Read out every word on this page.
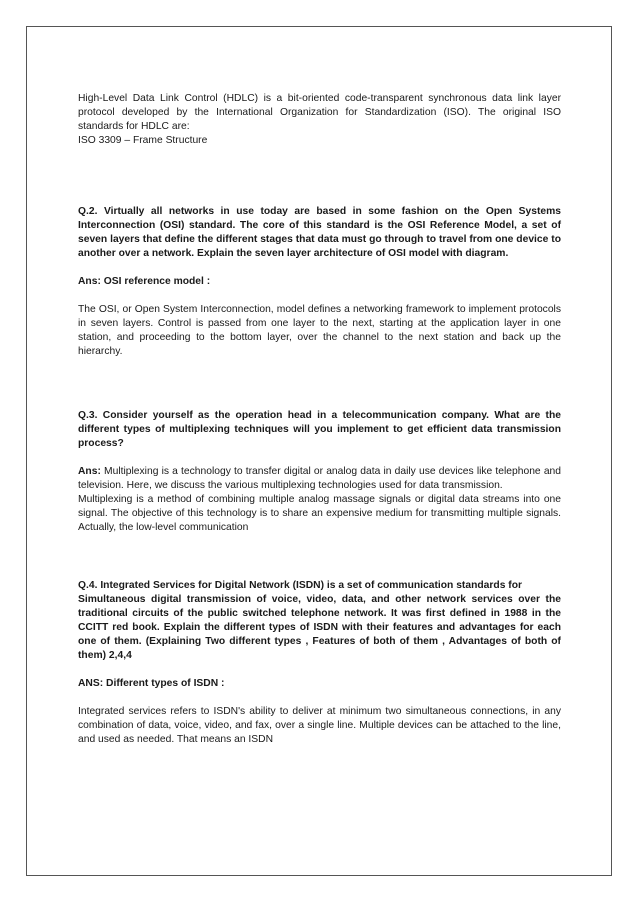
High-Level Data Link Control (HDLC) is a bit-oriented code-transparent synchronous data link layer protocol developed by the International Organization for Standardization (ISO). The original ISO standards for HDLC are:
ISO 3309 – Frame Structure

Q.2. Virtually all networks in use today are based in some fashion on the Open Systems Interconnection (OSI) standard. The core of this standard is the OSI Reference Model, a set of seven layers that define the different stages that data must go through to travel from one device to another over a network. Explain the seven layer architecture of OSI model with diagram.

Ans: OSI reference model :

The OSI, or Open System Interconnection, model defines a networking framework to implement protocols in seven layers. Control is passed from one layer to the next, starting at the application layer in one station, and proceeding to the bottom layer, over the channel to the next station and back up the hierarchy.

Q.3. Consider yourself as the operation head in a telecommunication company. What are the different types of multiplexing techniques will you implement to get efficient data transmission process?

Ans: Multiplexing is a technology to transfer digital or analog data in daily use devices like telephone and television. Here, we discuss the various multiplexing technologies used for data transmission.

Multiplexing is a method of combining multiple analog massage signals or digital data streams into one signal. The objective of this technology is to share an expensive medium for transmitting multiple signals. Actually, the low-level communication

Q.4. Integrated Services for Digital Network (ISDN) is a set of communication standards for
Simultaneous digital transmission of voice, video, data, and other network services over the traditional circuits of the public switched telephone network. It was first defined in 1988 in the CCITT red book. Explain the different types of ISDN with their features and advantages for each one of them. (Explaining Two different types , Features of both of them , Advantages of both of them) 2,4,4

ANS: Different types of ISDN :

Integrated services refers to ISDN's ability to deliver at minimum two simultaneous connections, in any combination of data, voice, video, and fax, over a single line. Multiple devices can be attached to the line, and used as needed. That means an ISDN
